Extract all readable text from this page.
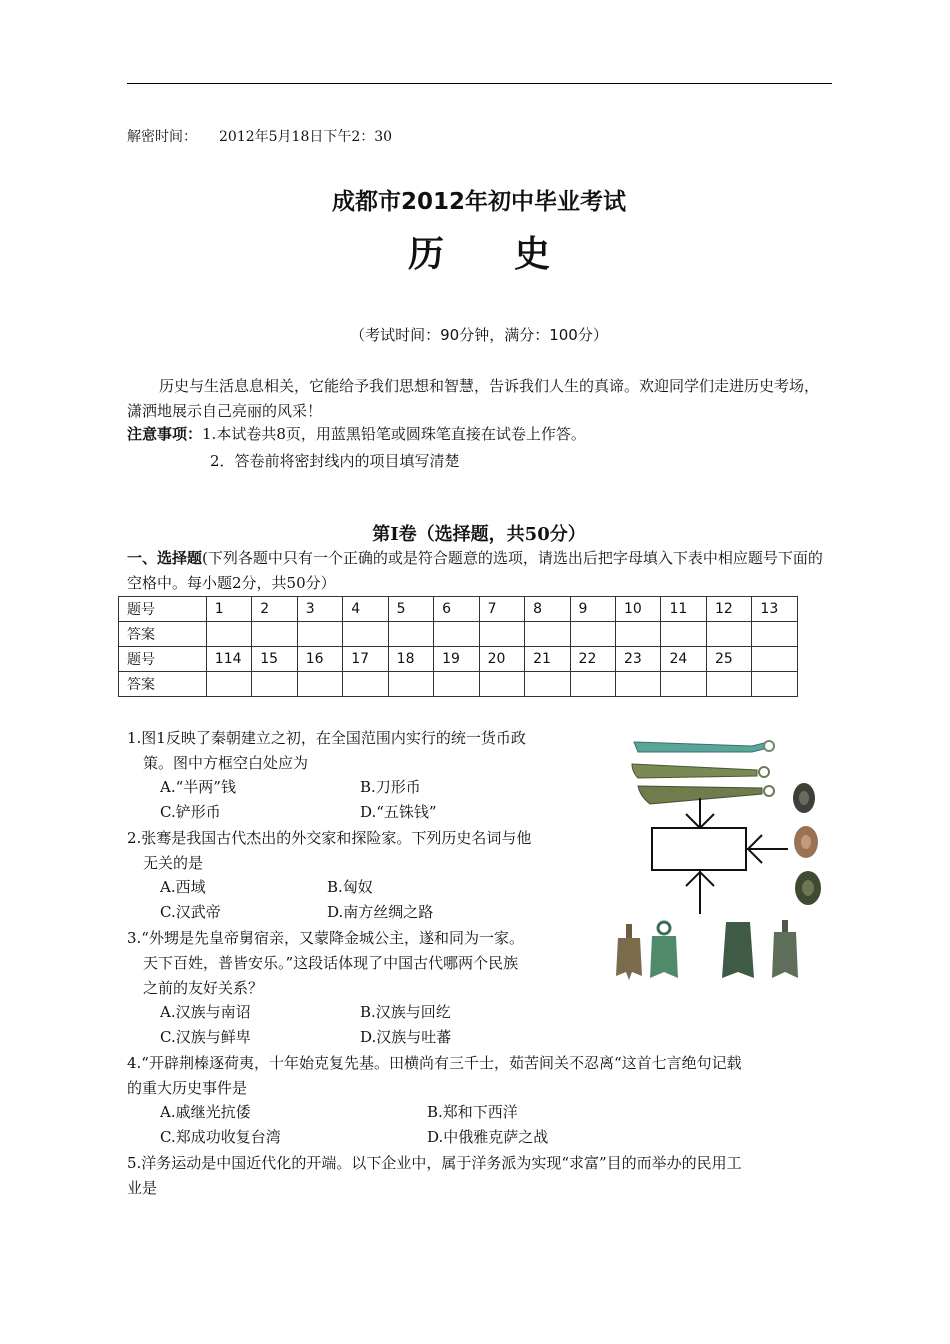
解密时间： 2012年5月18日下午2：30
成都市2012年初中毕业考试
历史
（考试时间：90分钟，满分：100分）
历史与生活息息相关，它能给予我们思想和智慧，告诉我们人生的真谛。欢迎同学们走进历史考场，潇洒地展示自己亮丽的风采！
注意事项：1.本试卷共8页，用蓝黑铅笔或圆珠笔直接在试卷上作答。
2．答卷前将密封线内的项目填写清楚
第Ⅰ卷（选择题，共50分）
一、选择题(下列各题中只有一个正确的或是符合题意的选项，请选出后把字母填入下表中相应题号下面的空格中。每小题2分，共50分）
题号	1	2	3	4	5	6	7	8	9	10	11	12	13
答案													
题号	114	15	16	17	18	19	20	21	22	23	24	25	
答案													
1.图1反映了秦朝建立之初，在全国范围内实行的统一货币政
策。图中方框空白处应为
A.“半两”钱	B.刀形币
C.铲形币	D.“五铢钱”
2.张骞是我国古代杰出的外交家和探险家。下列历史名词与他
无关的是
A.西域	B.匈奴
C.汉武帝	D.南方丝绸之路
3.“外甥是先皇帝舅宿亲，又蒙降金城公主，遂和同为一家。
天下百姓，普皆安乐。”这段话体现了中国古代哪两个民族
之前的友好关系？
A.汉族与南诏	B.汉族与回纥
C.汉族与鲜卑	D.汉族与吐蕃
4.“开辟荆榛逐荷夷，十年始克复先基。田横尚有三千士，茹苦间关不忍离“这首七言绝句记载
的重大历史事件是
A.戚继光抗倭	B.郑和下西洋
C.郑成功收复台湾	D.中俄雅克萨之战
5.洋务运动是中国近代化的开端。以下企业中，属于洋务派为实现“求富”目的而举办的民用工
业是
